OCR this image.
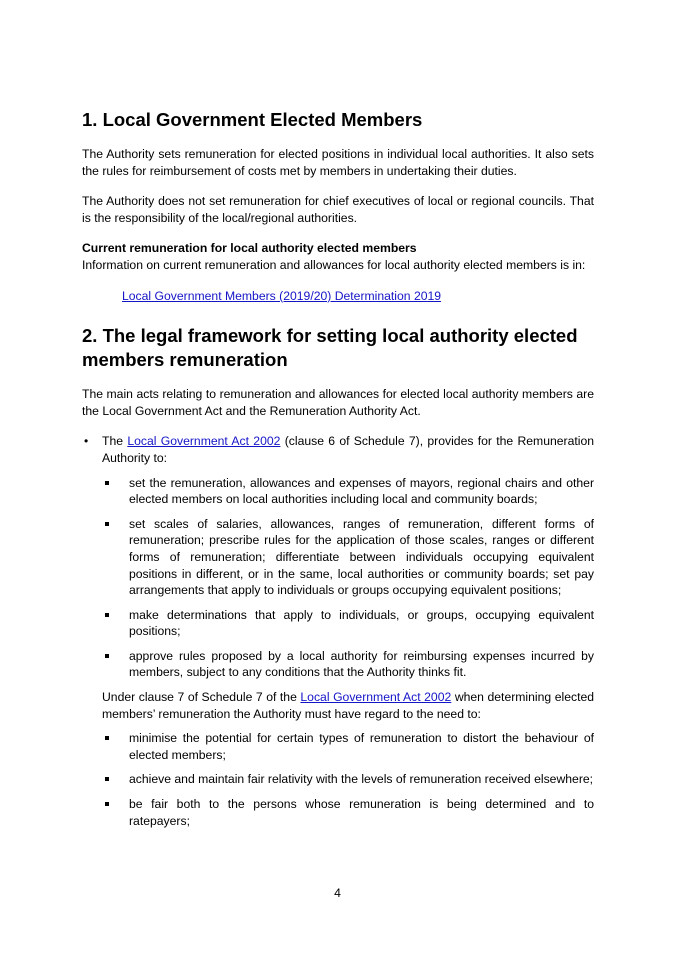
1. Local Government Elected Members

The Authority sets remuneration for elected positions in individual local authorities. It also sets the rules for reimbursement of costs met by members in undertaking their duties.

The Authority does not set remuneration for chief executives of local or regional councils. That is the responsibility of the local/regional authorities.

Current remuneration for local authority elected members

Information on current remuneration and allowances for local authority elected members is in:

Local Government Members (2019/20) Determination 2019
2. The legal framework for setting local authority elected members remuneration

The main acts relating to remuneration and allowances for elected local authority members are the Local Government Act and the Remuneration Authority Act.

• The Local Government Act 2002 (clause 6 of Schedule 7), provides for the Remuneration Authority to:
set the remuneration, allowances and expenses of mayors, regional chairs and other elected members on local authorities including local and community boards;
set scales of salaries, allowances, ranges of remuneration, different forms of remuneration; prescribe rules for the application of those scales, ranges or different forms of remuneration; differentiate between individuals occupying equivalent positions in different, or in the same, local authorities or community boards; set pay arrangements that apply to individuals or groups occupying equivalent positions;
make determinations that apply to individuals, or groups, occupying equivalent positions;
approve rules proposed by a local authority for reimbursing expenses incurred by members, subject to any conditions that the Authority thinks fit.
Under clause 7 of Schedule 7 of the Local Government Act 2002 when determining elected members’ remuneration the Authority must have regard to the need to:
minimise the potential for certain types of remuneration to distort the behaviour of elected members;
achieve and maintain fair relativity with the levels of remuneration received elsewhere;
be fair both to the persons whose remuneration is being determined and to ratepayers;
4
